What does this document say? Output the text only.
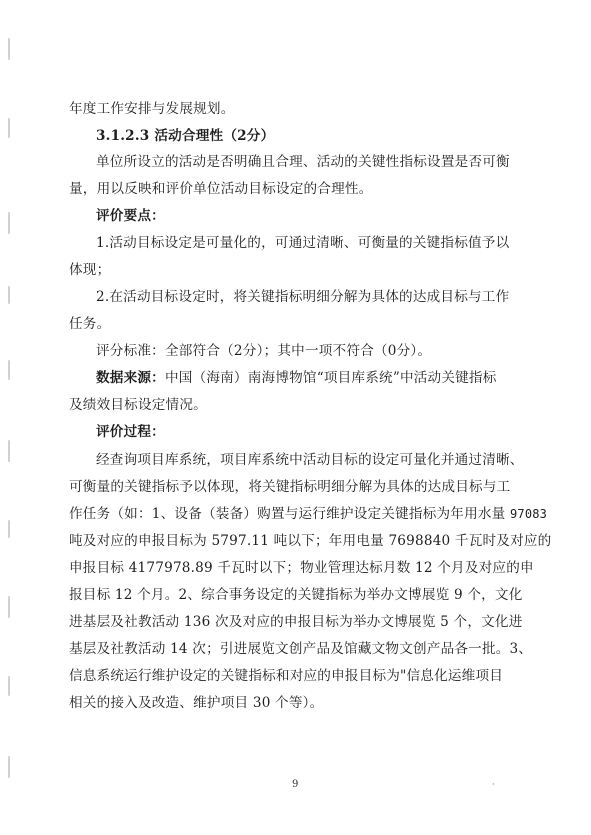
年度工作安排与发展规划。
3.1.2.3 活动合理性（2分）
单位所设立的活动是否明确且合理、活动的关键性指标设置是否可衡
量，用以反映和评价单位活动目标设定的合理性。
评价要点：
1.活动目标设定是可量化的，可通过清晰、可衡量的关键指标值予以
体现；
2.在活动目标设定时，将关键指标明细分解为具体的达成目标与工作
任务。
评分标准：全部符合（2分）；其中一项不符合（0分）。
数据来源：中国（海南）南海博物馆“项目库系统”中活动关键指标
及绩效目标设定情况。
评价过程：
经查询项目库系统，项目库系统中活动目标的设定可量化并通过清晰、
可衡量的关键指标予以体现，将关键指标明细分解为具体的达成目标与工
作任务（如：1、设备（装备）购置与运行维护设定关键指标为年用水量 97083
吨及对应的申报目标为 5797.11 吨以下；年用电量 7698840 千瓦时及对应的
申报目标 4177978.89 千瓦时以下；物业管理达标月数 12 个月及对应的申
报目标 12 个月。2、综合事务设定的关键指标为举办文博展览 9 个，文化
进基层及社教活动 136 次及对应的申报目标为举办文博展览 5 个，文化进
基层及社教活动 14 次；引进展览文创产品及馆藏文物文创产品各一批。3、
信息系统运行维护设定的关键指标和对应的申报目标为"信息化运维项目
相关的接入及改造、维护项目 30 个等）。
9	·
